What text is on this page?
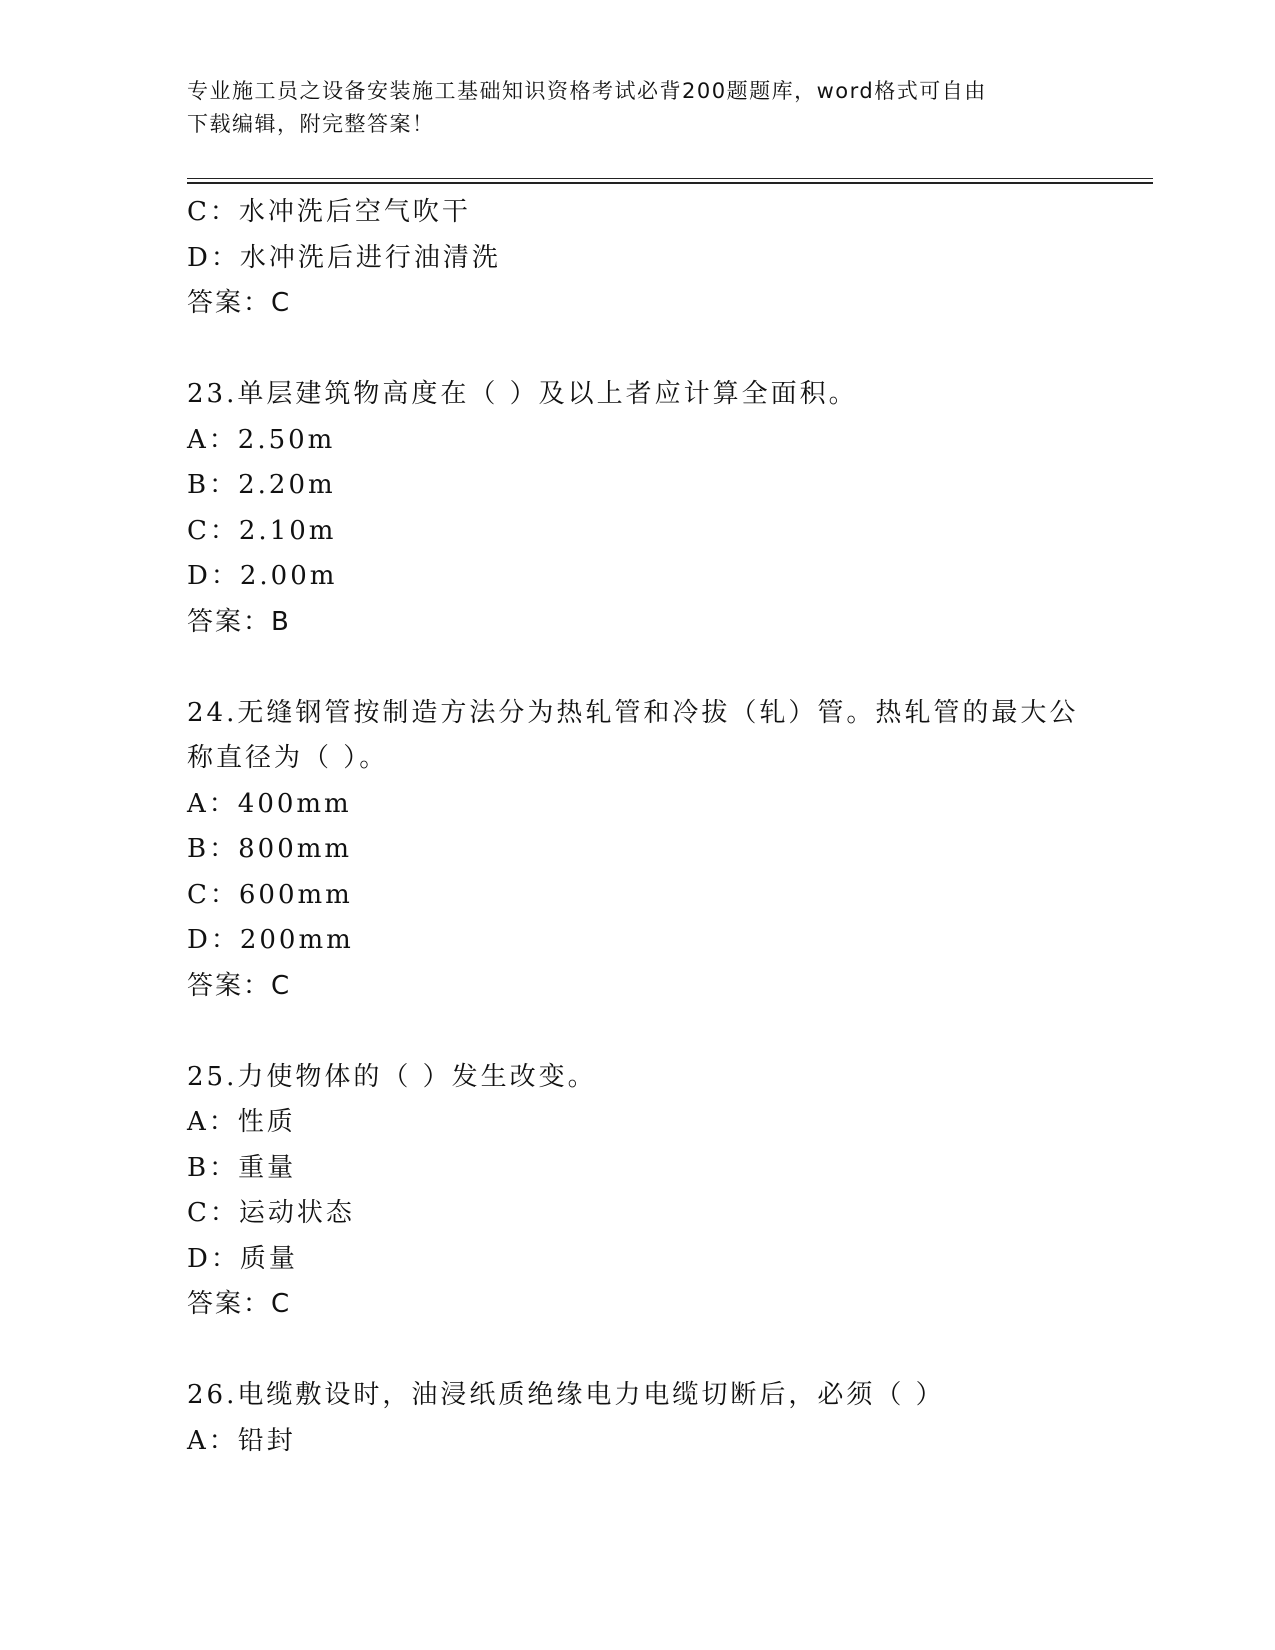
专业施工员之设备安装施工基础知识资格考试必背200题题库，word格式可自由
下载编辑，附完整答案！
C：水冲洗后空气吹干
D：水冲洗后进行油清洗
答案：C
23.单层建筑物高度在（ ）及以上者应计算全面积。
A：2.50m
B：2.20m
C：2.10m
D：2.00m
答案：B
24.无缝钢管按制造方法分为热轧管和冷拔（轧）管。热轧管的最大公
称直径为（ ）。
A：400mm
B：800mm
C：600mm
D：200mm
答案：C
25.力使物体的（ ）发生改变。
A：性质
B：重量
C：运动状态
D：质量
答案：C
26.电缆敷设时，油浸纸质绝缘电力电缆切断后，必须（ ）
A：铅封
